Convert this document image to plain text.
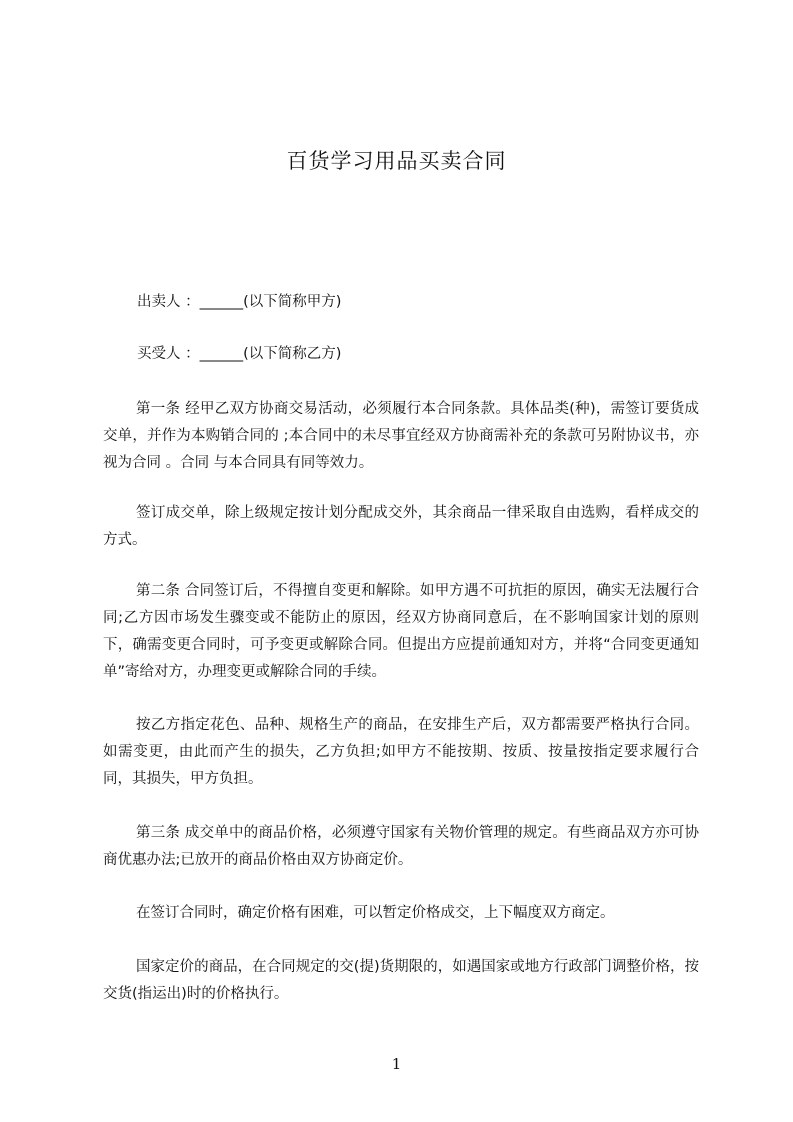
百货学习用品买卖合同
出卖人 ：______(以下简称甲方)
买受人 ：______(以下简称乙方)

第一条 经甲乙双方协商交易活动，必须履行本合同条款。具体品类(种)，需签订要货成交单，并作为本购销合同的 ;本合同中的未尽事宜经双方协商需补充的条款可另附协议书，亦视为合同 。合同 与本合同具有同等效力。

签订成交单，除上级规定按计划分配成交外，其余商品一律采取自由选购，看样成交的方式。

第二条 合同签订后，不得擅自变更和解除。如甲方遇不可抗拒的原因，确实无法履行合同;乙方因市场发生骤变或不能防止的原因，经双方协商同意后，在不影响国家计划的原则下，确需变更合同时，可予变更或解除合同。但提出方应提前通知对方，并将“合同变更通知单”寄给对方，办理变更或解除合同的手续。

按乙方指定花色、品种、规格生产的商品，在安排生产后，双方都需要严格执行合同。如需变更，由此而产生的损失，乙方负担;如甲方不能按期、按质、按量按指定要求履行合同，其损失，甲方负担。

第三条 成交单中的商品价格，必须遵守国家有关物价管理的规定。有些商品双方亦可协商优惠办法;已放开的商品价格由双方协商定价。

在签订合同时，确定价格有困难，可以暂定价格成交，上下幅度双方商定。

国家定价的商品，在合同规定的交(提)货期限的，如遇国家或地方行政部门调整价格，按交货(指运出)时的价格执行。

1
